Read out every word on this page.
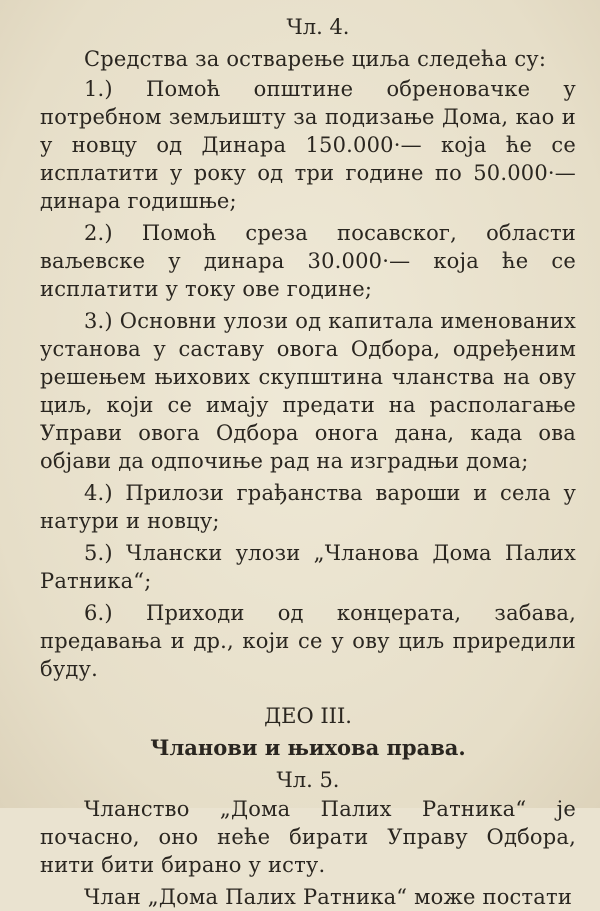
Чл. 4.

Средства за остварење циља следећа су:

1.) Помоћ општине обреновачке у потребном земљишту за подизање Дома, као и у новцу од Динара 150.000·— која ће се исплатити у року од три године по 50.000·— динара годишње;

2.) Помоћ среза посавског, области ваљевске у динара 30.000·— која ће се исплатити у току ове године;

3.) Основни улози од капитала именованих установа у саставу овога Одбора, одређеним решењем њихових скупштина чланства на ову циљ, који се имају предати на располагање Управи овога Одбора онога дана, када ова објави да одпочиње рад на изградњи дома;

4.) Прилози грађанства вароши и села у натури и новцу;

5.) Члански улози „Чланова Дома Палих Ратника“;

6.) Приходи од концерата, забава, предавања и др., који се у ову циљ приредили буду.

ДЕО III.
Чланови и њихова права.
Чл. 5.

Чланство „Дома Палих Ратника“ је почасно, оно неће бирати Управу Одбора, нити бити бирано у исту.

Члан „Дома Палих Ратника“ може постати
